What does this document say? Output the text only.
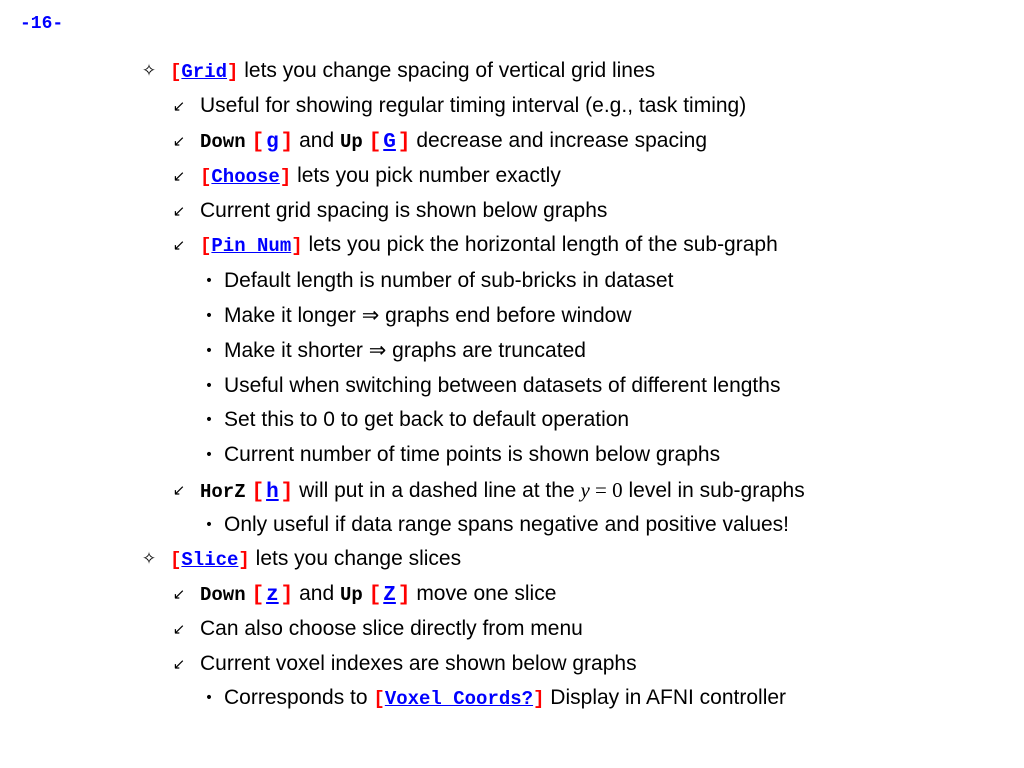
-16-
✧ [Grid] lets you change spacing of vertical grid lines
↙ Useful for showing regular timing interval (e.g., task timing)
↙ Down [g] and Up [G] decrease and increase spacing
↙ [Choose] lets you pick number exactly
↙ Current grid spacing is shown below graphs
↙ [Pin Num] lets you pick the horizontal length of the sub-graph
• Default length is number of sub-bricks in dataset
• Make it longer ⇒ graphs end before window
• Make it shorter ⇒ graphs are truncated
• Useful when switching between datasets of different lengths
• Set this to 0 to get back to default operation
• Current number of time points is shown below graphs
↙ HorZ [h] will put in a dashed line at the y = 0 level in sub-graphs
• Only useful if data range spans negative and positive values!
✧ [Slice] lets you change slices
↙ Down [z] and Up [Z] move one slice
↙ Can also choose slice directly from menu
↙ Current voxel indexes are shown below graphs
• Corresponds to [Voxel Coords?] Display in AFNI controller
